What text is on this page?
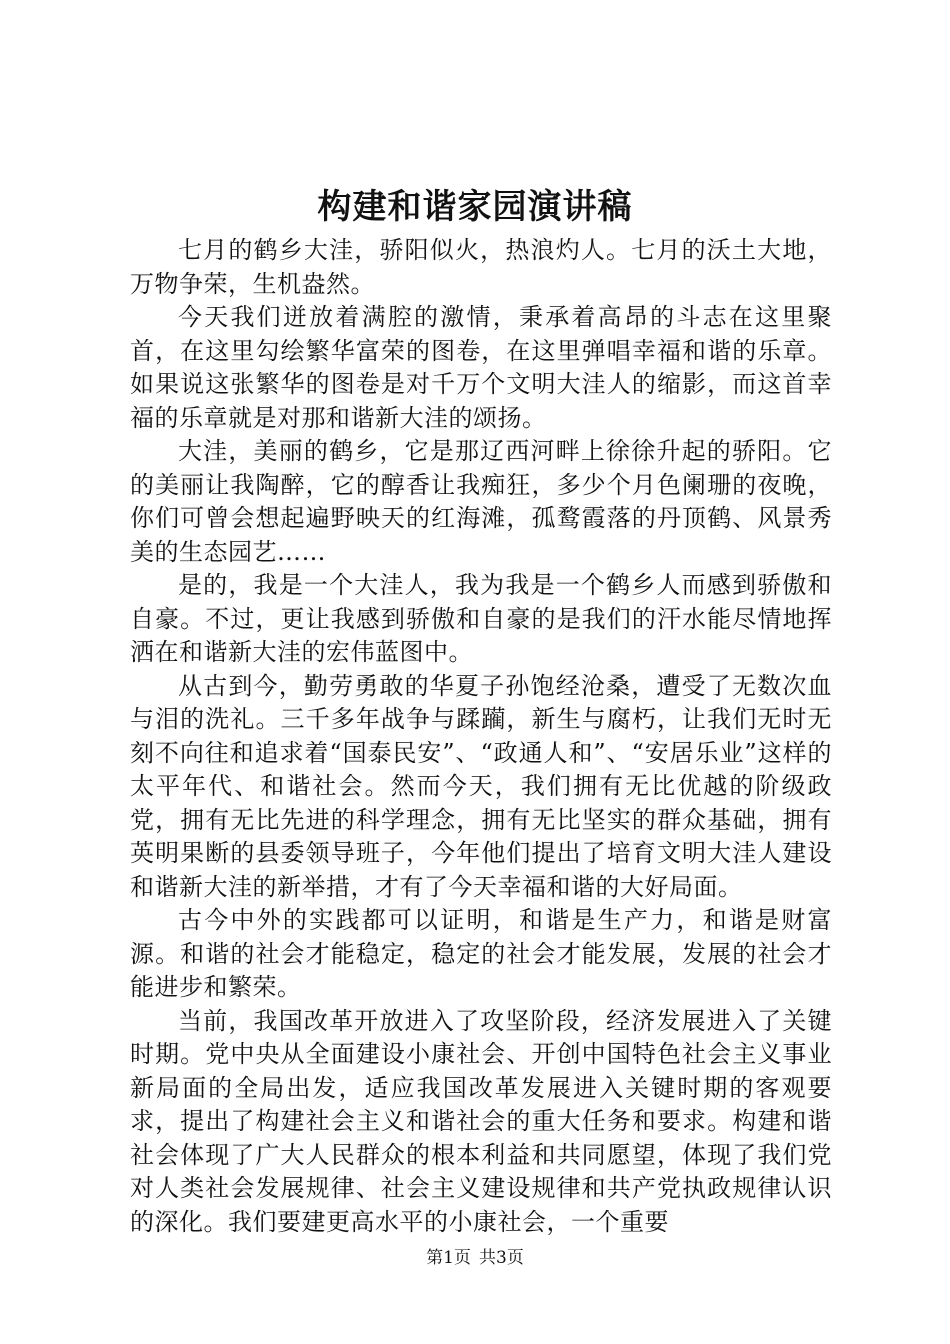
构建和谐家园演讲稿

七月的鹤乡大洼，骄阳似火，热浪灼人。七月的沃土大地，万物争荣，生机盎然。

今天我们迸放着满腔的激情，秉承着高昂的斗志在这里聚首，在这里勾绘繁华富荣的图卷，在这里弹唱幸福和谐的乐章。如果说这张繁华的图卷是对千万个文明大洼人的缩影，而这首幸福的乐章就是对那和谐新大洼的颂扬。

大洼，美丽的鹤乡，它是那辽西河畔上徐徐升起的骄阳。它的美丽让我陶醉，它的醇香让我痴狂，多少个月色阑珊的夜晚，你们可曾会想起遍野映天的红海滩，孤鹜霞落的丹顶鹤、风景秀美的生态园艺……

是的，我是一个大洼人，我为我是一个鹤乡人而感到骄傲和自豪。不过，更让我感到骄傲和自豪的是我们的汗水能尽情地挥洒在和谐新大洼的宏伟蓝图中。

从古到今，勤劳勇敢的华夏子孙饱经沧桑，遭受了无数次血与泪的洗礼。三千多年战争与蹂躏，新生与腐朽，让我们无时无刻不向往和追求着“国泰民安”、“政通人和”、“安居乐业”这样的太平年代、和谐社会。然而今天，我们拥有无比优越的阶级政党，拥有无比先进的科学理念，拥有无比坚实的群众基础，拥有英明果断的县委领导班子，今年他们提出了培育文明大洼人建设和谐新大洼的新举措，才有了今天幸福和谐的大好局面。

古今中外的实践都可以证明，和谐是生产力，和谐是财富源。和谐的社会才能稳定，稳定的社会才能发展，发展的社会才能进步和繁荣。

当前，我国改革开放进入了攻坚阶段，经济发展进入了关键时期。党中央从全面建设小康社会、开创中国特色社会主义事业新局面的全局出发，适应我国改革发展进入关键时期的客观要求，提出了构建社会主义和谐社会的重大任务和要求。构建和谐社会体现了广大人民群众的根本利益和共同愿望，体现了我们党对人类社会发展规律、社会主义建设规律和共产党执政规律认识的深化。我们要建更高水平的小康社会，一个重要

第1页 共3页
